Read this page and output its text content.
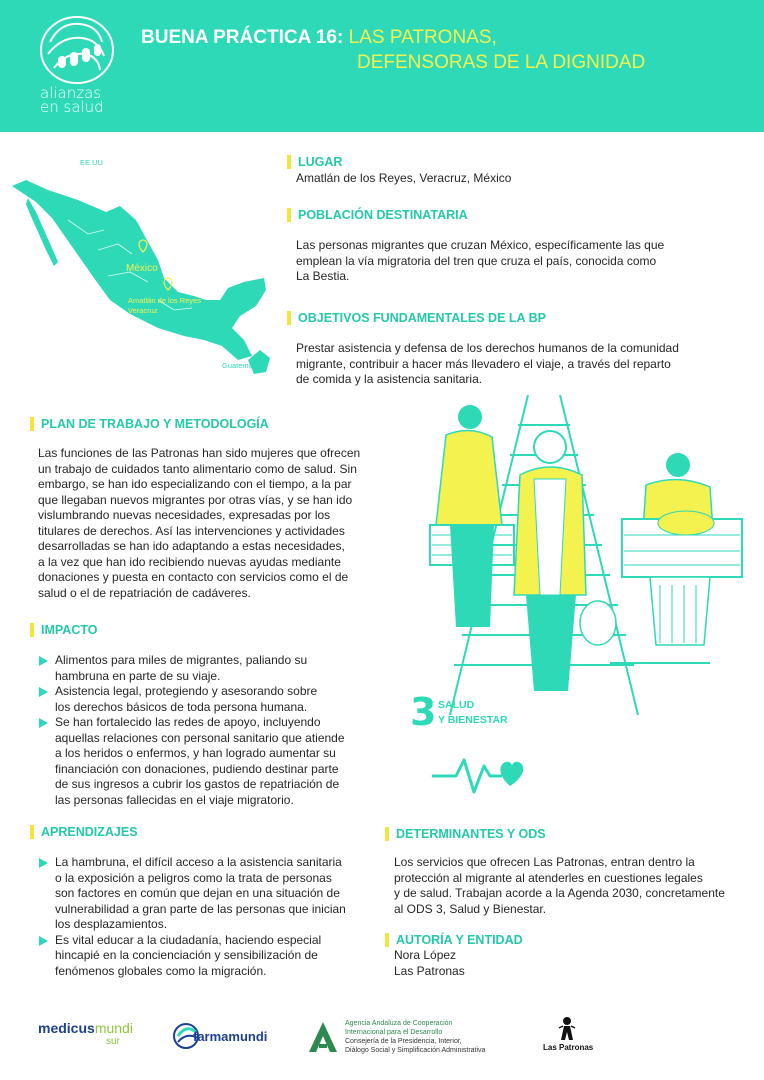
alianzas
en salud
BUENA PRÁCTICA 16: LAS PATRONAS,
DEFENSORAS DE LA DIGNIDAD
EE.UU
México
Amatlán de los Reyes
Veracruz
Guatemala
LUGAR
Amatlán de los Reyes, Veracruz, México
POBLACIÓN DESTINATARIA
Las personas migrantes que cruzan México, específicamente las que
emplean la vía migratoria del tren que cruza el país, conocida como
La Bestia.
OBJETIVOS FUNDAMENTALES DE LA BP
Prestar asistencia y defensa de los derechos humanos de la comunidad
migrante, contribuir a hacer más llevadero el viaje, a través del reparto
de comida y la asistencia sanitaria.
PLAN DE TRABAJO Y METODOLOGÍA
Las funciones de las Patronas han sido mujeres que ofrecen
un trabajo de cuidados tanto alimentario como de salud. Sin
embargo, se han ido especializando con el tiempo, a la par
que llegaban nuevos migrantes por otras vías, y se han ido
vislumbrando nuevas necesidades, expresadas por los
titulares de derechos. Así las intervenciones y actividades
desarrolladas se han ido adaptando a estas necesidades,
a la vez que han ido recibiendo nuevas ayudas mediante
donaciones y puesta en contacto con servicios como el de
salud o el de repatriación de cadáveres.
IMPACTO
Alimentos para miles de migrantes, paliando su
hambruna en parte de su viaje.
Asistencia legal, protegiendo y asesorando sobre
los derechos básicos de toda persona humana.
Se han fortalecido las redes de apoyo, incluyendo
aquellas relaciones con personal sanitario que atiende
a los heridos o enfermos, y han logrado aumentar su
financiación con donaciones, pudiendo destinar parte
de sus ingresos a cubrir los gastos de repatriación de
las personas fallecidas en el viaje migratorio.
3 SALUD
Y BIENESTAR
APRENDIZAJES
La hambruna, el difícil acceso a la asistencia sanitaria
o la exposición a peligros como la trata de personas
son factores en común que dejan en una situación de
vulnerabilidad a gran parte de las personas que inician
los desplazamientos.
Es vital educar a la ciudadanía, haciendo especial
hincapié en la concienciación y sensibilización de
fenómenos globales como la migración.
DETERMINANTES Y ODS
Los servicios que ofrecen Las Patronas, entran dentro la
protección al migrante al atenderles en cuestiones legales
y de salud. Trabajan acorde a la Agenda 2030, concretamente
al ODS 3, Salud y Bienestar.
AUTORÍA Y ENTIDAD
Nora López
Las Patronas
medicusmundi
sur	farmamundi
Agencia Andaluza de Cooperación
Internacional para el Desarrollo
Consejería de la Presidencia, Interior,
Diálogo Social y Simplificación Administrativa	Las Patronas
